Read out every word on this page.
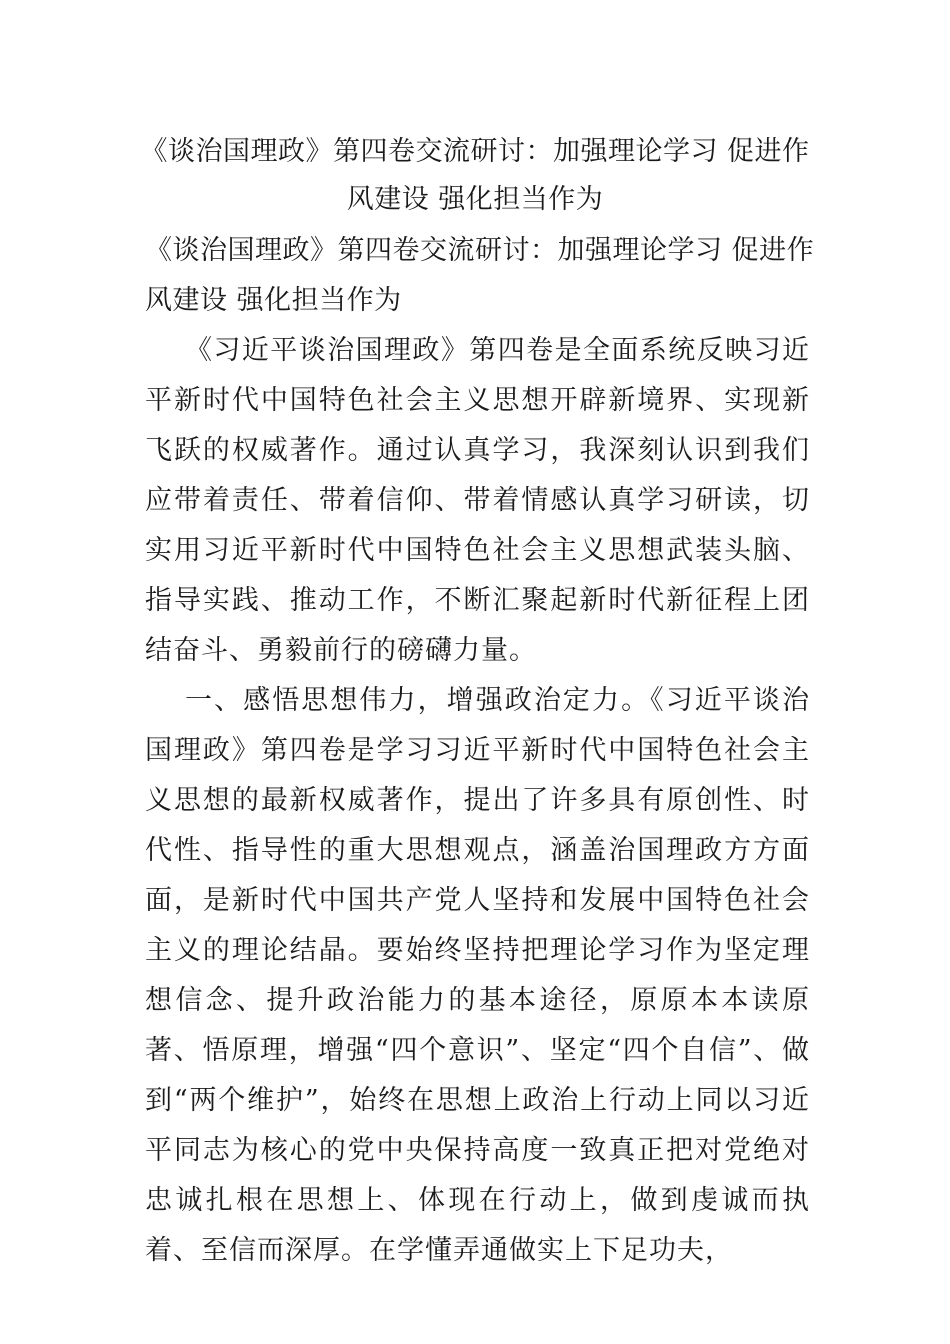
《谈治国理政》第四卷交流研讨：加强理论学习 促进作风建设 强化担当作为
《谈治国理政》第四卷交流研讨：加强理论学习 促进作风建设 强化担当作为
《习近平谈治国理政》第四卷是全面系统反映习近平新时代中国特色社会主义思想开辟新境界、实现新飞跃的权威著作。通过认真学习，我深刻认识到我们应带着责任、带着信仰、带着情感认真学习研读，切实用习近平新时代中国特色社会主义思想武装头脑、指导实践、推动工作，不断汇聚起新时代新征程上团结奋斗、勇毅前行的磅礴力量。
一、感悟思想伟力，增强政治定力。《习近平谈治国理政》第四卷是学习习近平新时代中国特色社会主义思想的最新权威著作，提出了许多具有原创性、时代性、指导性的重大思想观点，涵盖治国理政方方面面，是新时代中国共产党人坚持和发展中国特色社会主义的理论结晶。要始终坚持把理论学习作为坚定理想信念、提升政治能力的基本途径，原原本本读原著、悟原理，增强“四个意识”、坚定“四个自信”、做到“两个维护”，始终在思想上政治上行动上同以习近平同志为核心的党中央保持高度一致真正把对党绝对忠诚扎根在思想上、体现在行动上，做到虔诚而执着、至信而深厚。在学懂弄通做实上下足功夫，
